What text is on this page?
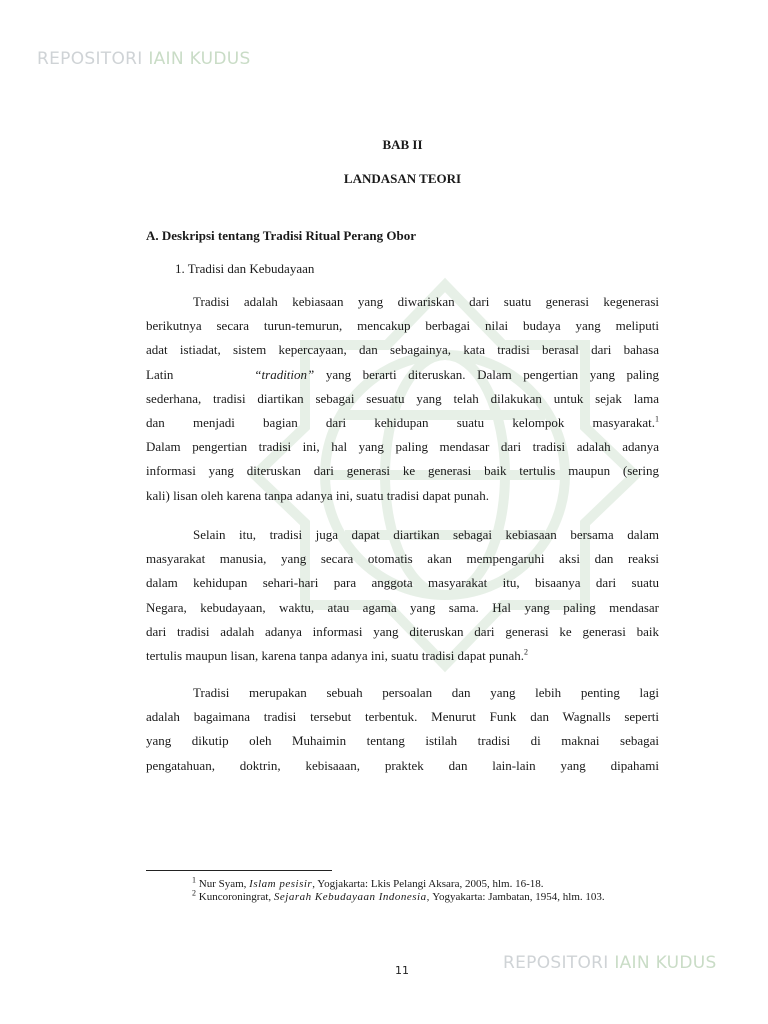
REPOSITORI IAIN KUDUS
REPOSITORI IAIN KUDUS
BAB II
LANDASAN TEORI
A. Deskripsi tentang Tradisi Ritual Perang Obor
1. Tradisi dan Kebudayaan
Tradisi adalah kebiasaan yang diwariskan dari suatu generasi kegenerasi
berikutnya secara turun-temurun, mencakup berbagai nilai budaya yang meliputi
adat istiadat, sistem kepercayaan, dan sebagainya, kata tradisi berasal dari bahasa
Latin	“tradition” yang berarti diteruskan. Dalam pengertian yang paling
sederhana, tradisi diartikan sebagai sesuatu yang telah dilakukan untuk sejak lama
dan menjadi bagian dari kehidupan suatu kelompok masyarakat.$^1$
Dalam pengertian tradisi ini, hal yang paling mendasar dari tradisi adalah adanya
informasi yang diteruskan dari generasi ke generasi baik tertulis maupun (sering
kali) lisan oleh karena tanpa adanya ini, suatu tradisi dapat punah.
Selain itu, tradisi juga dapat diartikan sebagai kebiasaan bersama dalam
masyarakat manusia, yang secara otomatis akan mempengaruhi aksi dan reaksi
dalam kehidupan sehari-hari para anggota masyarakat itu, bisaanya dari suatu
Negara, kebudayaan, waktu, atau agama yang sama. Hal yang paling mendasar
dari tradisi adalah adanya informasi yang diteruskan dari generasi ke generasi baik
tertulis maupun lisan, karena tanpa adanya ini, suatu tradisi dapat punah.$^2$
Tradisi merupakan sebuah persoalan dan yang lebih penting lagi
adalah bagaimana tradisi tersebut terbentuk. Menurut Funk dan Wagnalls seperti
yang dikutip oleh Muhaimin tentang istilah tradisi di maknai sebagai
pengatahuan, doktrin, kebisaaan, praktek dan lain-lain yang dipahami
$^1$ Nur Syam, Islam pesisir, Yogjakarta: Lkis Pelangi Aksara, 2005, hlm. 16-18.
$^2$ Kuncoroningrat, Sejarah Kebudayaan Indonesia, Yogyakarta: Jambatan, 1954, hlm. 103.
11
